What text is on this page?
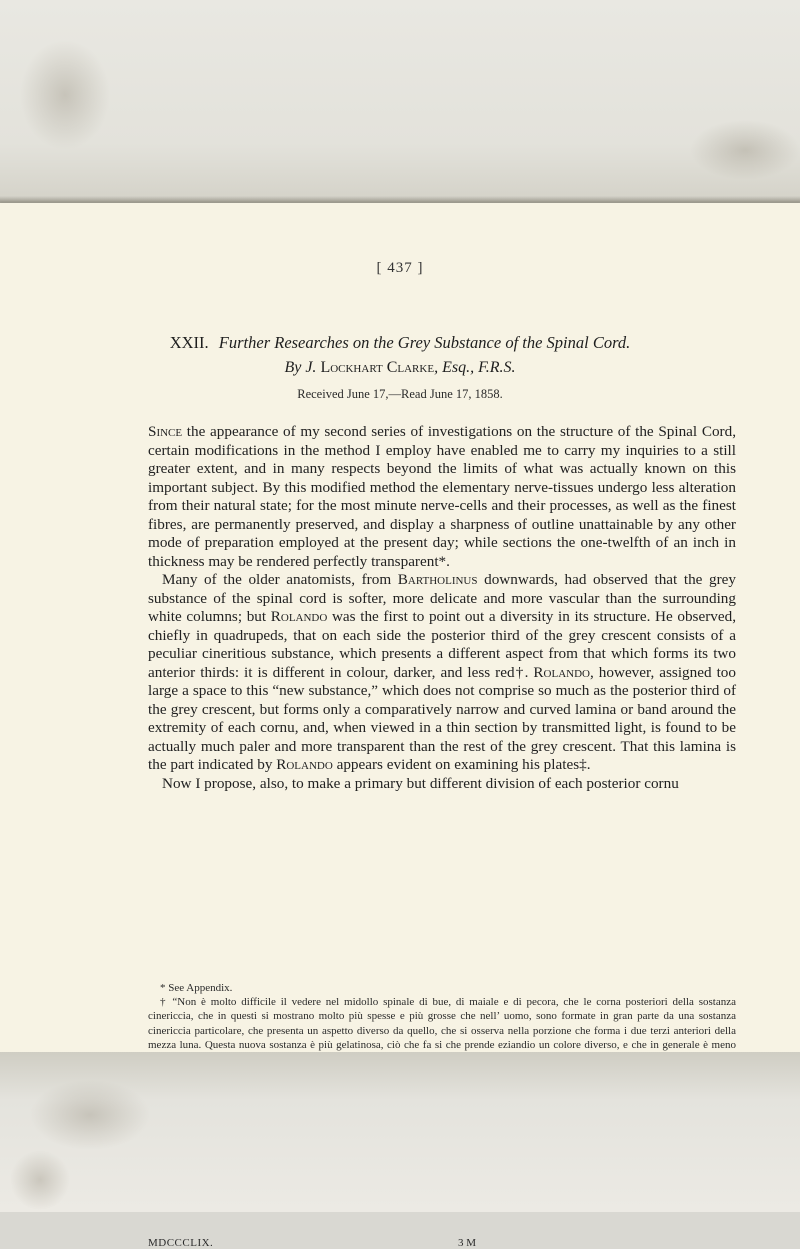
[ 437 ]
XXII. Further Researches on the Grey Substance of the Spinal Cord.
By J. Lockhart Clarke, Esq., F.R.S.
Received June 17,—Read June 17, 1858.

Since the appearance of my second series of investigations on the structure of the Spinal Cord, certain modifications in the method I employ have enabled me to carry my inquiries to a still greater extent, and in many respects beyond the limits of what was actually known on this important subject. By this modified method the elementary nerve-tissues undergo less alteration from their natural state; for the most minute nerve-cells and their processes, as well as the finest fibres, are permanently preserved, and display a sharpness of outline unattainable by any other mode of preparation employed at the present day; while sections the one-twelfth of an inch in thickness may be rendered perfectly transparent*.

Many of the older anatomists, from Bartholinus downwards, had observed that the grey substance of the spinal cord is softer, more delicate and more vascular than the surrounding white columns; but Rolando was the first to point out a diversity in its structure. He observed, chiefly in quadrupeds, that on each side the posterior third of the grey crescent consists of a peculiar cineritious substance, which presents a different aspect from that which forms its two anterior thirds: it is different in colour, darker, and less red†. Rolando, however, assigned too large a space to this “new substance,” which does not comprise so much as the posterior third of the grey crescent, but forms only a comparatively narrow and curved lamina or band around the extremity of each cornu, and, when viewed in a thin section by transmitted light, is found to be actually much paler and more transparent than the rest of the grey crescent. That this lamina is the part indicated by Rolando appears evident on examining his plates‡.

Now I propose, also, to make a primary but different division of each posterior cornu

* See Appendix.

† “Non è molto difficile il vedere nel midollo spinale di bue, di maiale e di pecora, che le corna posteriori della sostanza cinericcia, che in questi si mostrano molto più spesse e più grosse che nell’ uomo, sono formate in gran parte da una sostanza cinericcia particolare, che presenta un aspetto diverso da quello, che si osserva nella porzione che forma i due terzi anteriori della mezza luna. Questa nuova sostanza è più gelatinosa, ciò che fa si che prende eziandio un colore diverso, e che in generale è meno

MDCCCLIX.	3 M
